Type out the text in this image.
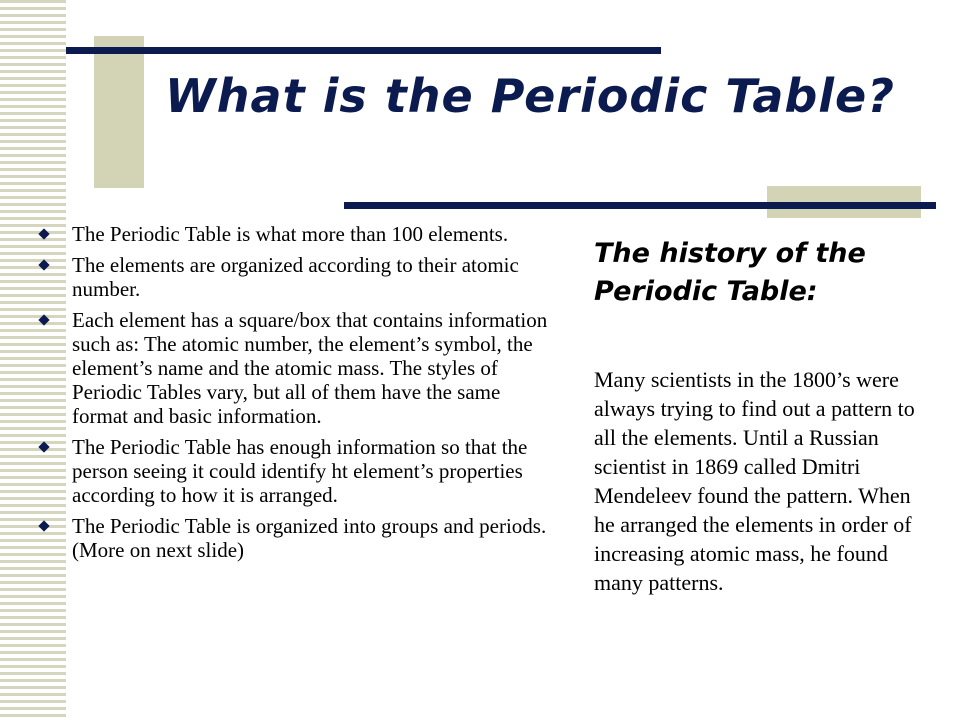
What is the Periodic Table?
The Periodic Table is what more than 100 elements.
The elements are organized according to their atomic number.
Each element has a square/box that contains information such as: The atomic number, the element’s symbol, the element’s name and the atomic mass. The styles of Periodic Tables vary, but all of them have the same format and basic information.
The Periodic Table has enough information so that the person seeing it could identify ht element’s properties according to how it is arranged.
The Periodic Table is organized into groups and periods. (More on next slide)
The history of the Periodic Table:

Many scientists in the 1800’s were always trying to find out a pattern to all the elements. Until a Russian scientist in 1869 called Dmitri Mendeleev found the pattern. When he arranged the elements in order of increasing atomic mass, he found many patterns.
